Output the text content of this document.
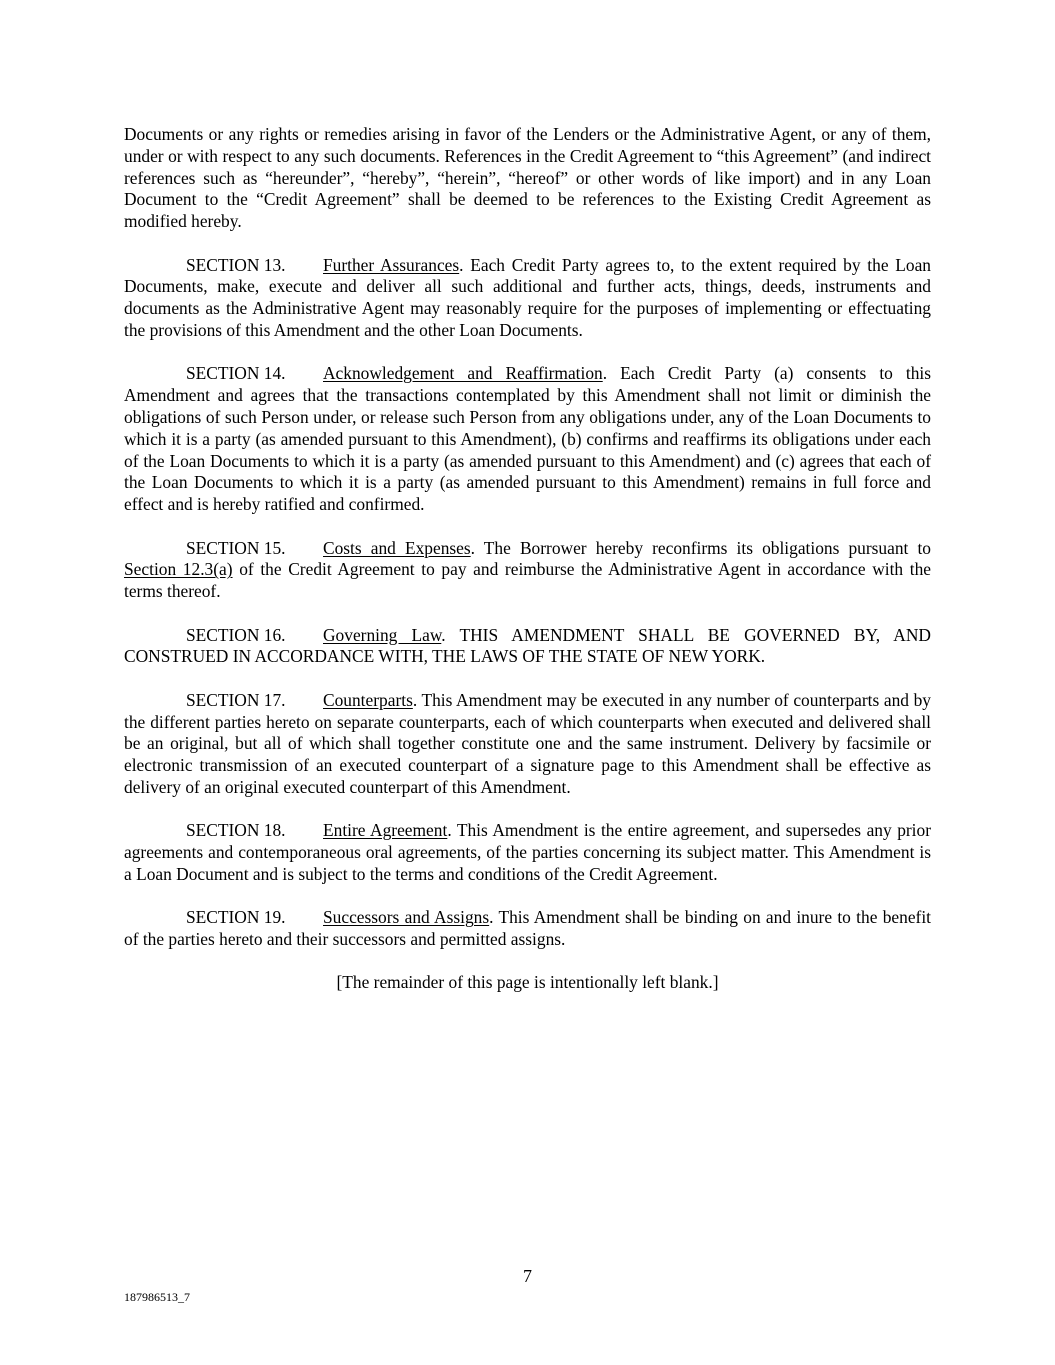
Documents or any rights or remedies arising in favor of the Lenders or the Administrative Agent, or any of them, under or with respect to any such documents. References in the Credit Agreement to “this Agreement” (and indirect references such as “hereunder”, “hereby”, “herein”, “hereof” or other words of like import) and in any Loan Document to the “Credit Agreement” shall be deemed to be references to the Existing Credit Agreement as modified hereby.

SECTION 13. Further Assurances. Each Credit Party agrees to, to the extent required by the Loan Documents, make, execute and deliver all such additional and further acts, things, deeds, instruments and documents as the Administrative Agent may reasonably require for the purposes of implementing or effectuating the provisions of this Amendment and the other Loan Documents.

SECTION 14. Acknowledgement and Reaffirmation. Each Credit Party (a) consents to this Amendment and agrees that the transactions contemplated by this Amendment shall not limit or diminish the obligations of such Person under, or release such Person from any obligations under, any of the Loan Documents to which it is a party (as amended pursuant to this Amendment), (b) confirms and reaffirms its obligations under each of the Loan Documents to which it is a party (as amended pursuant to this Amendment) and (c) agrees that each of the Loan Documents to which it is a party (as amended pursuant to this Amendment) remains in full force and effect and is hereby ratified and confirmed.

SECTION 15. Costs and Expenses. The Borrower hereby reconfirms its obligations pursuant to Section 12.3(a) of the Credit Agreement to pay and reimburse the Administrative Agent in accordance with the terms thereof.

SECTION 16. Governing Law. THIS AMENDMENT SHALL BE GOVERNED BY, AND CONSTRUED IN ACCORDANCE WITH, THE LAWS OF THE STATE OF NEW YORK.

SECTION 17. Counterparts. This Amendment may be executed in any number of counterparts and by the different parties hereto on separate counterparts, each of which counterparts when executed and delivered shall be an original, but all of which shall together constitute one and the same instrument. Delivery by facsimile or electronic transmission of an executed counterpart of a signature page to this Amendment shall be effective as delivery of an original executed counterpart of this Amendment.

SECTION 18. Entire Agreement. This Amendment is the entire agreement, and supersedes any prior agreements and contemporaneous oral agreements, of the parties concerning its subject matter. This Amendment is a Loan Document and is subject to the terms and conditions of the Credit Agreement.

SECTION 19. Successors and Assigns. This Amendment shall be binding on and inure to the benefit of the parties hereto and their successors and permitted assigns.

[The remainder of this page is intentionally left blank.]

7
187986513_7
